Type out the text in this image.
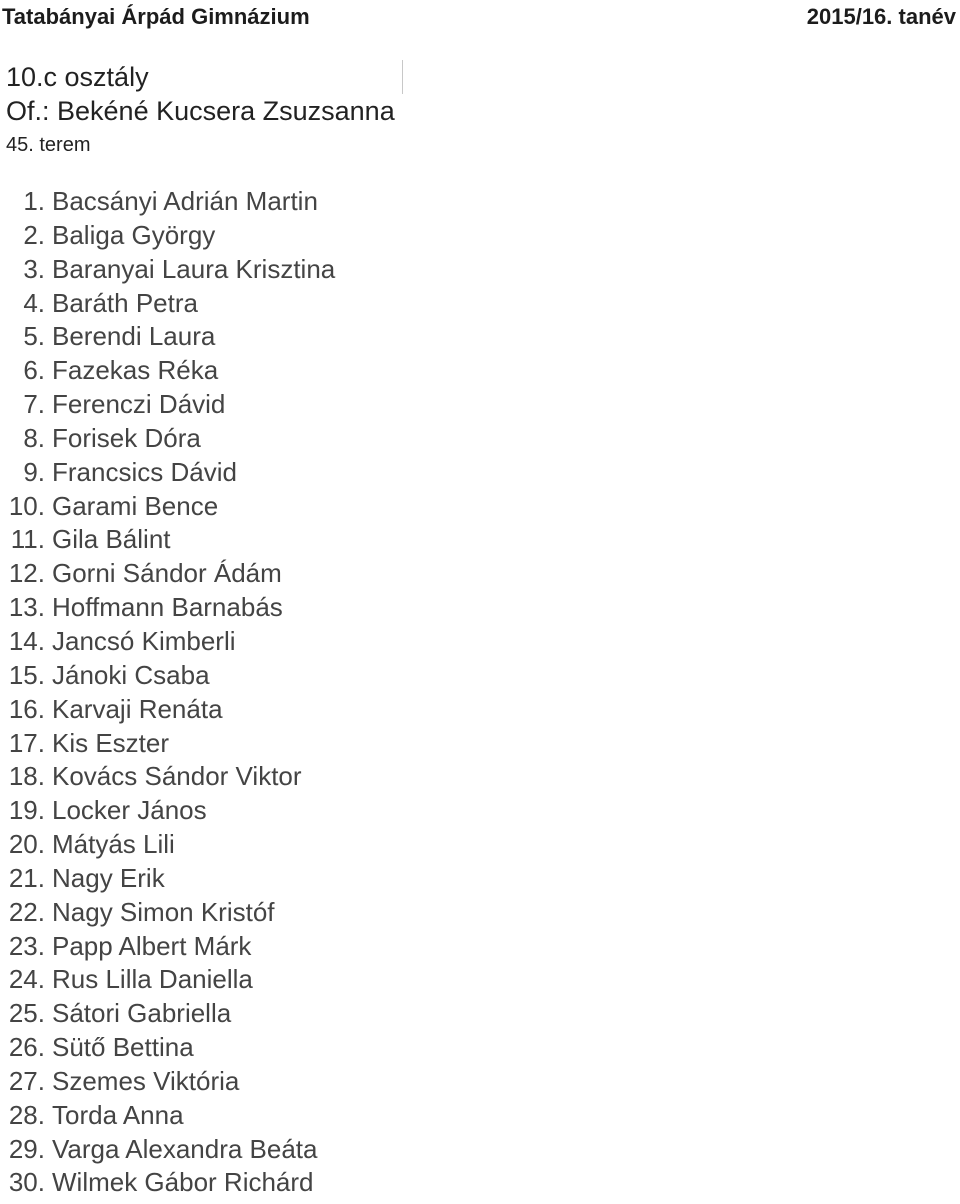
Tatabányai Árpád Gimnázium	2015/16. tanév
10.c osztály
Of.: Bekéné Kucsera Zsuzsanna
45. terem
1. Bacsányi Adrián Martin
2. Baliga György
3. Baranyai Laura Krisztina
4. Baráth Petra
5. Berendi Laura
6. Fazekas Réka
7. Ferenczi Dávid
8. Forisek Dóra
9. Francsics Dávid
10. Garami Bence
11. Gila Bálint
12. Gorni Sándor Ádám
13. Hoffmann Barnabás
14. Jancsó Kimberli
15. Jánoki Csaba
16. Karvaji Renáta
17. Kis Eszter
18. Kovács Sándor Viktor
19. Locker János
20. Mátyás Lili
21. Nagy Erik
22. Nagy Simon Kristóf
23. Papp Albert Márk
24. Rus Lilla Daniella
25. Sátori Gabriella
26. Sütő Bettina
27. Szemes Viktória
28. Torda Anna
29. Varga Alexandra Beáta
30. Wilmek Gábor Richárd
